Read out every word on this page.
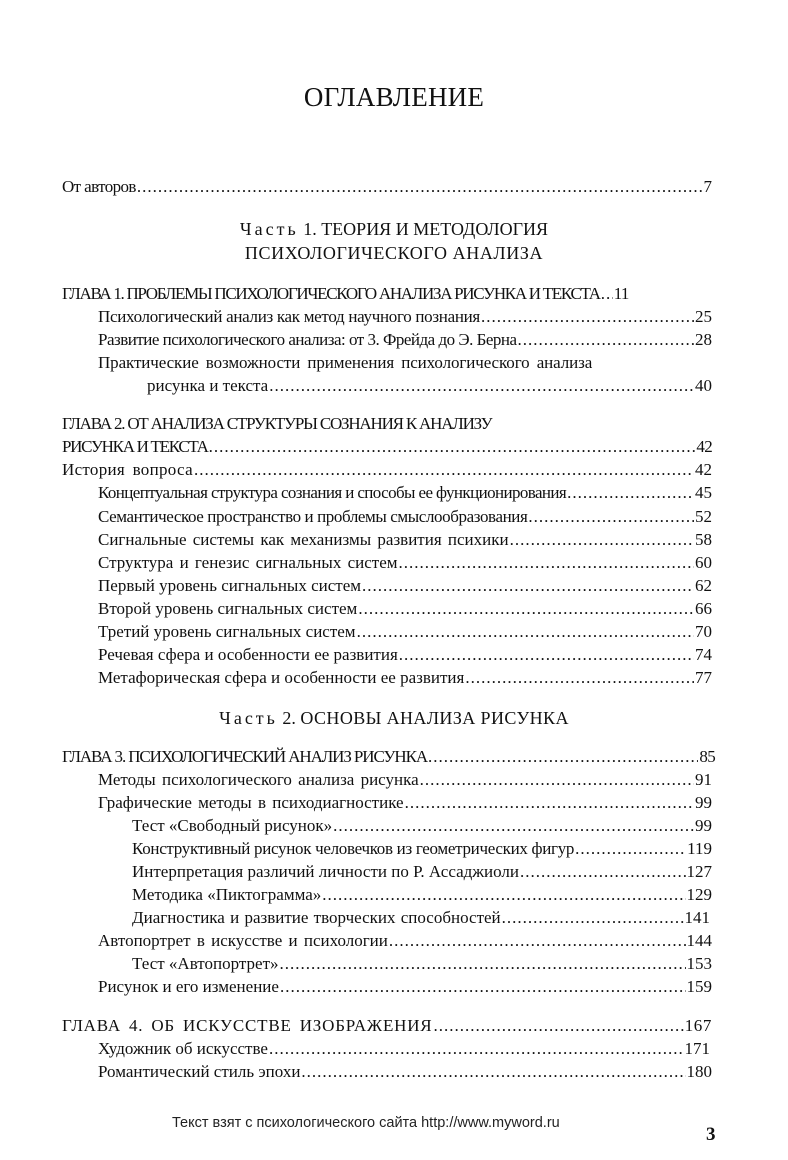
ОГЛАВЛЕНИЕ
От авторов .....	7
Часть 1. ТЕОРИЯ И МЕТОДОЛОГИЯ
ПСИХОЛОГИЧЕСКОГО АНАЛИЗА
ГЛАВА 1. ПРОБЛЕМЫ ПСИХОЛОГИЧЕСКОГО АНАЛИЗА РИСУНКА И ТЕКСТА ..... 11
Психологический анализ как метод научного познания .....	25
Развитие психологического анализа: от 3. Фрейда до Э. Берна .....	28
Практические возможности применения психологического анализа
рисунка и текста .....	40
ГЛАВА 2. ОТ АНАЛИЗА СТРУКТУРЫ СОЗНАНИЯ К АНАЛИЗУ
РИСУНКА И ТЕКСТА .....	42
История вопроса .....	42
Концептуальная структура сознания и способы ее функционирования .....	45
Семантическое пространство и проблемы смыслообразования .....	52
Сигнальные системы как механизмы развития психики .....	58
Структура и генезис сигнальных систем .....	60
Первый уровень сигнальных систем .....	62
Второй уровень сигнальных систем .....	66
Третий уровень сигнальных систем .....	70
Речевая сфера и особенности ее развития .....	74
Метафорическая сфера и особенности ее развития .....	77
Часть 2. ОСНОВЫ АНАЛИЗА РИСУНКА
ГЛАВА 3. ПСИХОЛОГИЧЕСКИЙ АНАЛИЗ РИСУНКА .....	85
Методы психологического анализа рисунка .....	91
Графические методы в психодиагностике .....	99
Тест «Свободный рисунок» .....	99
Конструктивный рисунок человечков из геометрических фигур .....	119
Интерпретация различий личности по Р. Ассаджиоли .....	127
Методика «Пиктограмма» .....	129
Диагностика и развитие творческих способностей .....	141
Автопортрет в искусстве и психологии .....	144
Тест «Автопортрет» .....	153
Рисунок и его изменение .....	159
ГЛАВА 4. ОБ ИСКУССТВЕ ИЗОБРАЖЕНИЯ .....	167
Художник об искусстве .....	171
Романтический стиль эпохи .....	180
Текст взят с психологического сайта http://www.myword.ru
3
